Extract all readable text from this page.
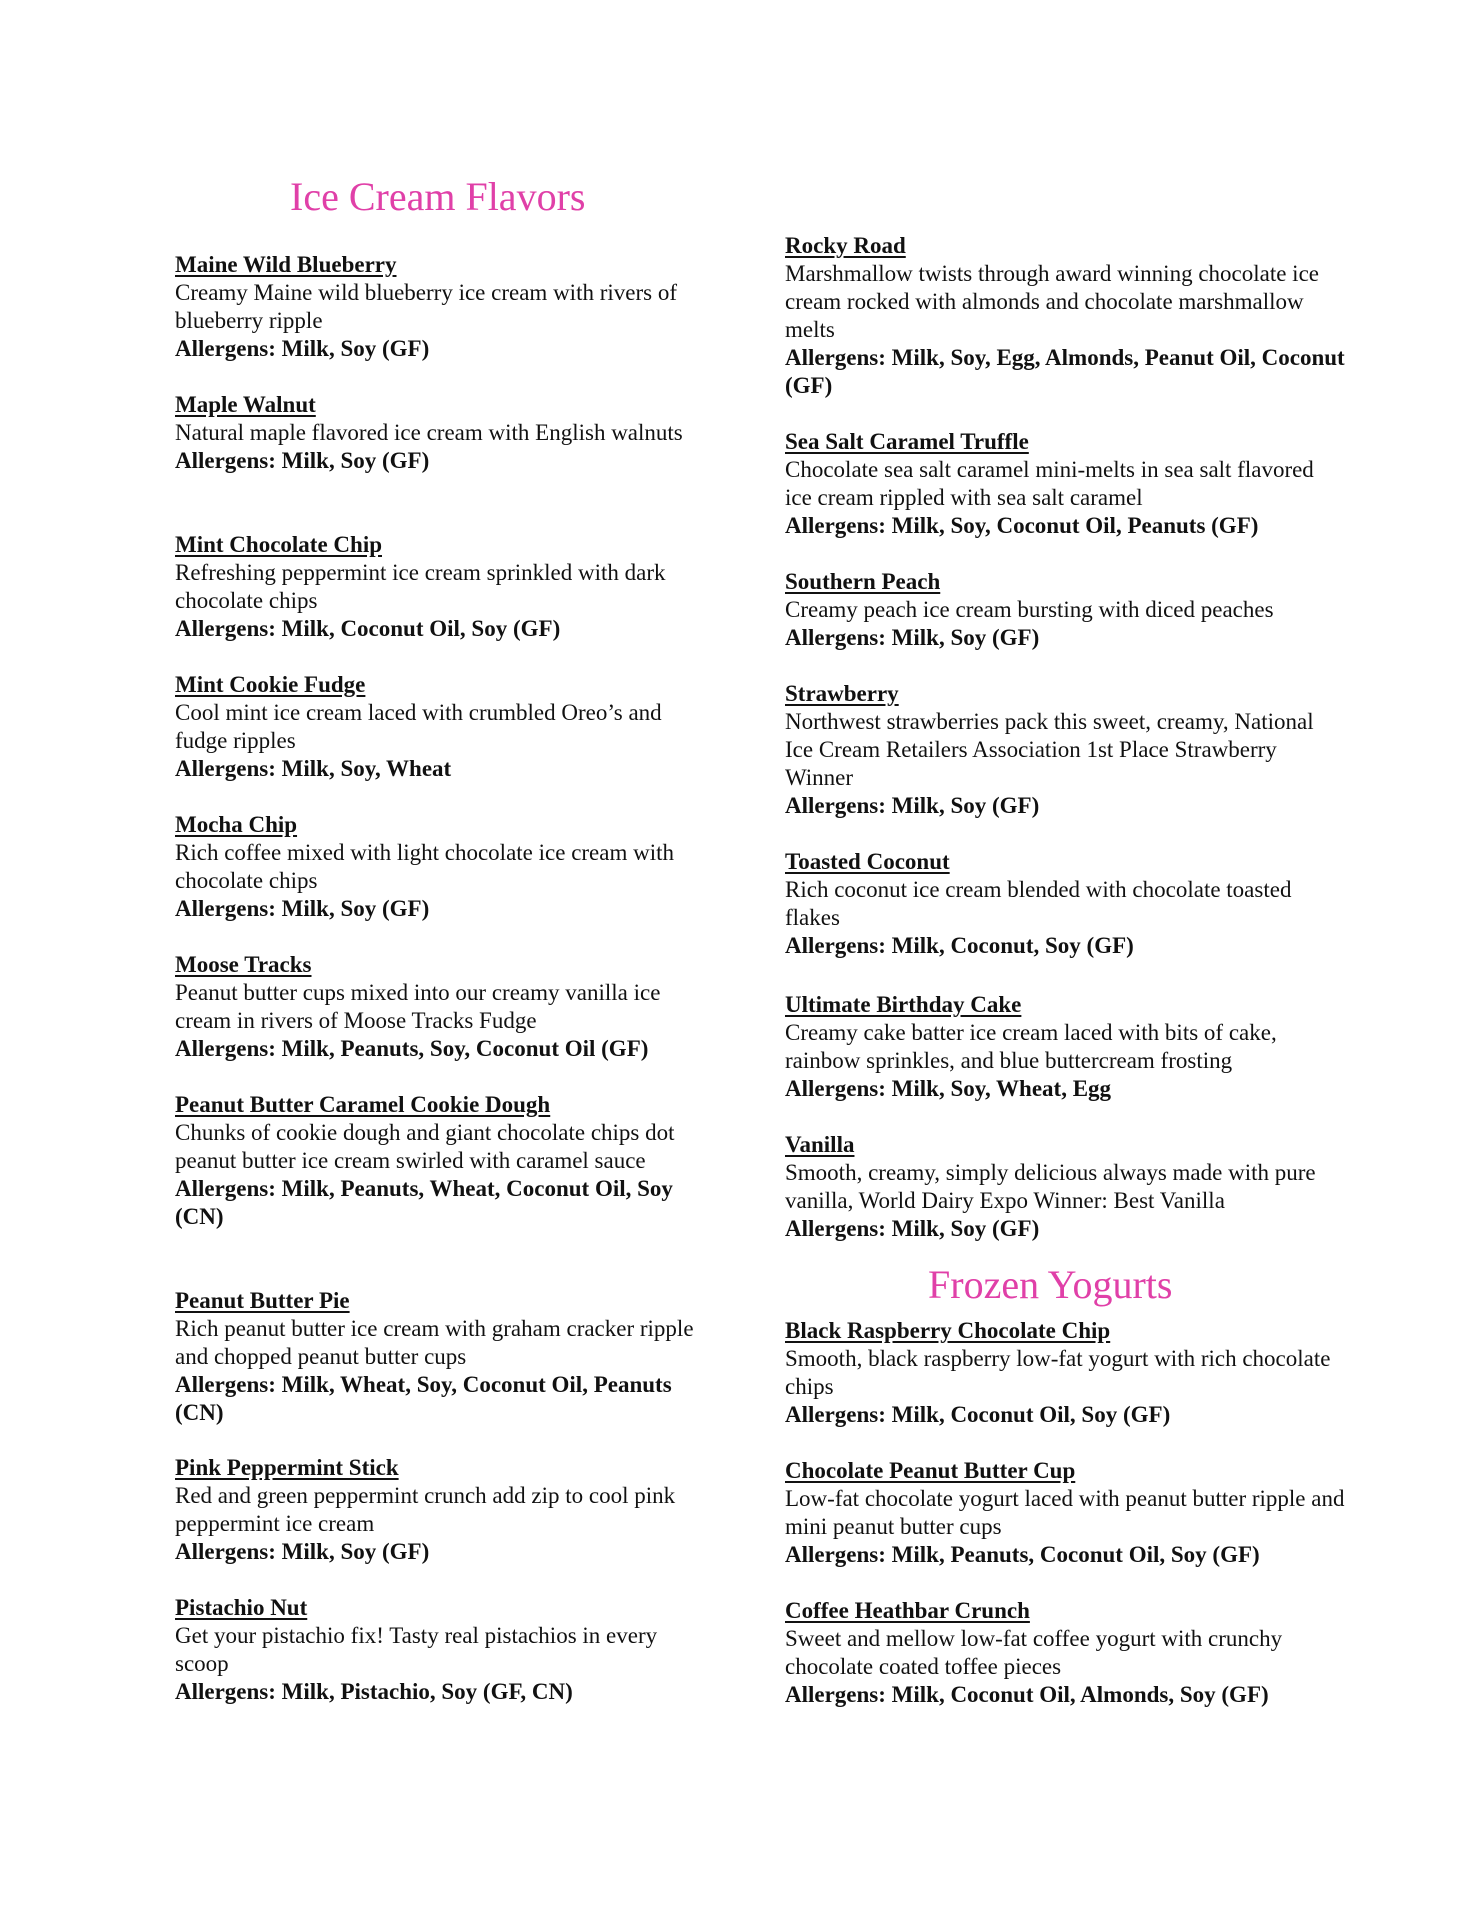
Ice Cream Flavors
Frozen Yogurts
Maine Wild Blueberry
Creamy Maine wild blueberry ice cream with rivers of blueberry ripple
Allergens: Milk, Soy (GF)
Maple Walnut
Natural maple flavored ice cream with English walnuts
Allergens: Milk, Soy (GF)
Mint Chocolate Chip
Refreshing peppermint ice cream sprinkled with dark chocolate chips
Allergens: Milk, Coconut Oil, Soy (GF)
Mint Cookie Fudge
Cool mint ice cream laced with crumbled Oreo’s and fudge ripples
Allergens: Milk, Soy, Wheat
Mocha Chip
Rich coffee mixed with light chocolate ice cream with chocolate chips
Allergens: Milk, Soy (GF)
Moose Tracks
Peanut butter cups mixed into our creamy vanilla ice cream in rivers of Moose Tracks Fudge
Allergens: Milk, Peanuts, Soy, Coconut Oil (GF)
Peanut Butter Caramel Cookie Dough
Chunks of cookie dough and giant chocolate chips dot peanut butter ice cream swirled with caramel sauce
Allergens: Milk, Peanuts, Wheat, Coconut Oil, Soy (CN)
Peanut Butter Pie
Rich peanut butter ice cream with graham cracker ripple and chopped peanut butter cups
Allergens: Milk, Wheat, Soy, Coconut Oil, Peanuts (CN)
Pink Peppermint Stick
Red and green peppermint crunch add zip to cool pink peppermint ice cream
Allergens: Milk, Soy (GF)
Pistachio Nut
Get your pistachio fix! Tasty real pistachios in every scoop
Allergens: Milk, Pistachio, Soy (GF, CN)
Rocky Road
Marshmallow twists through award winning chocolate ice cream rocked with almonds and chocolate marshmallow melts
Allergens: Milk, Soy, Egg, Almonds, Peanut Oil, Coconut (GF)
Sea Salt Caramel Truffle
Chocolate sea salt caramel mini-melts in sea salt flavored ice cream rippled with sea salt caramel
Allergens: Milk, Soy, Coconut Oil, Peanuts (GF)
Southern Peach
Creamy peach ice cream bursting with diced peaches
Allergens: Milk, Soy (GF)
Strawberry
Northwest strawberries pack this sweet, creamy, National Ice Cream Retailers Association 1st Place Strawberry Winner
Allergens: Milk, Soy (GF)
Toasted Coconut
Rich coconut ice cream blended with chocolate toasted flakes
Allergens: Milk, Coconut, Soy (GF)
Ultimate Birthday Cake
Creamy cake batter ice cream laced with bits of cake, rainbow sprinkles, and blue buttercream frosting
Allergens: Milk, Soy, Wheat, Egg
Vanilla
Smooth, creamy, simply delicious always made with pure vanilla, World Dairy Expo Winner: Best Vanilla
Allergens: Milk, Soy (GF)
Black Raspberry Chocolate Chip
Smooth, black raspberry low-fat yogurt with rich chocolate chips
Allergens: Milk, Coconut Oil, Soy (GF)
Chocolate Peanut Butter Cup
Low-fat chocolate yogurt laced with peanut butter ripple and mini peanut butter cups
Allergens: Milk, Peanuts, Coconut Oil, Soy (GF)
Coffee Heathbar Crunch
Sweet and mellow low-fat coffee yogurt with crunchy chocolate coated toffee pieces
Allergens: Milk, Coconut Oil, Almonds, Soy (GF)
